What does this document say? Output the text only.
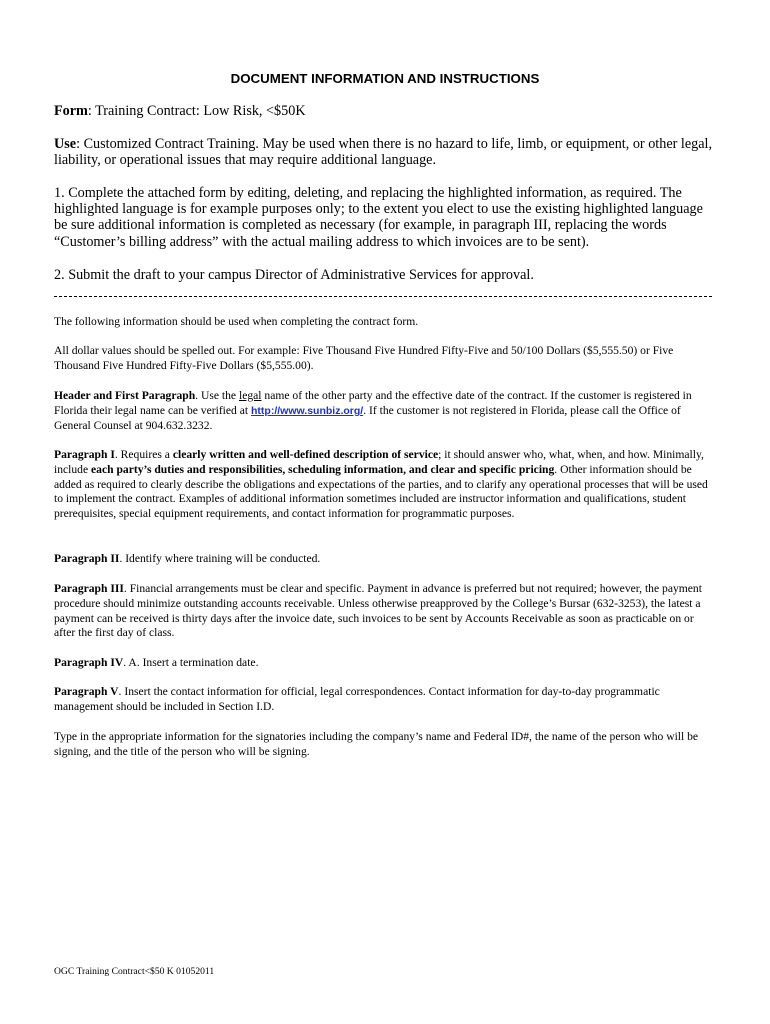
DOCUMENT INFORMATION AND INSTRUCTIONS

Form: Training Contract: Low Risk, <$50K

Use: Customized Contract Training. May be used when there is no hazard to life, limb, or equipment, or other legal, liability, or operational issues that may require additional language.

1. Complete the attached form by editing, deleting, and replacing the highlighted information, as required. The highlighted language is for example purposes only; to the extent you elect to use the existing highlighted language be sure additional information is completed as necessary (for example, in paragraph III, replacing the words “Customer’s billing address” with the actual mailing address to which invoices are to be sent).

2. Submit the draft to your campus Director of Administrative Services for approval.

The following information should be used when completing the contract form.

All dollar values should be spelled out. For example: Five Thousand Five Hundred Fifty-Five and 50/100 Dollars ($5,555.50) or Five Thousand Five Hundred Fifty-Five Dollars ($5,555.00).

Header and First Paragraph. Use the legal name of the other party and the effective date of the contract. If the customer is registered in Florida their legal name can be verified at http://www.sunbiz.org/. If the customer is not registered in Florida, please call the Office of General Counsel at 904.632.3232.

Paragraph I. Requires a clearly written and well-defined description of service; it should answer who, what, when, and how. Minimally, include each party’s duties and responsibilities, scheduling information, and clear and specific pricing. Other information should be added as required to clearly describe the obligations and expectations of the parties, and to clarify any operational processes that will be used to implement the contract. Examples of additional information sometimes included are instructor information and qualifications, student prerequisites, special equipment requirements, and contact information for programmatic purposes.

Paragraph II. Identify where training will be conducted.

Paragraph III. Financial arrangements must be clear and specific. Payment in advance is preferred but not required; however, the payment procedure should minimize outstanding accounts receivable. Unless otherwise preapproved by the College’s Bursar (632-3253), the latest a payment can be received is thirty days after the invoice date, such invoices to be sent by Accounts Receivable as soon as practicable on or after the first day of class.

Paragraph IV. A. Insert a termination date.

Paragraph V. Insert the contact information for official, legal correspondences. Contact information for day-to-day programmatic management should be included in Section I.D.

Type in the appropriate information for the signatories including the company’s name and Federal ID#, the name of the person who will be signing, and the title of the person who will be signing.

OGC Training Contract<$50 K 01052011
